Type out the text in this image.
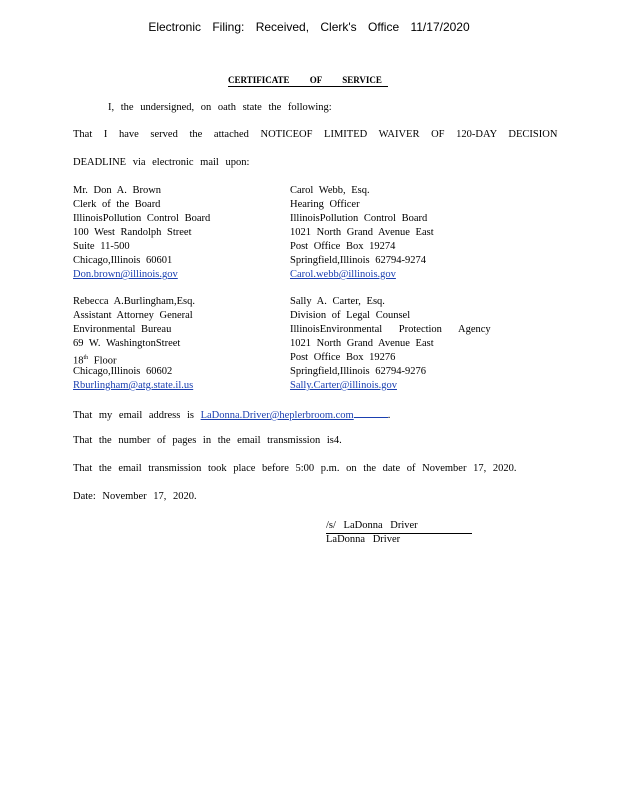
Electronic Filing: Received, Clerk's Office 11/17/2020
CERTIFICATE OF SERVICE
I, the undersigned, on oath state the following:
That I have served the attached NOTICEOF LIMITED WAIVER OF 120-DAY DECISION
DEADLINE via electronic mail upon:
Mr. Don A. Brown
Clerk of the Board
IllinoisPollution Control Board
100 West Randolph Street
Suite 11-500
Chicago,Illinois 60601
Don.brown@illinois.gov
Carol Webb, Esq.
Hearing Officer
IllinoisPollution Control Board
1021 North Grand Avenue East
Post Office Box 19274
Springfield,Illinois 62794-9274
Carol.webb@illinois.gov
Rebecca A.Burlingham,Esq.
Assistant Attorney General
Environmental Bureau
69 W. WashingtonStreet
18th Floor
Chicago,Illinois 60602
Rburlingham@atg.state.il.us
Sally A. Carter, Esq.
Division of Legal Counsel
IllinoisEnvironmental Protection Agency
1021 North Grand Avenue East
Post Office Box 19276
Springfield,Illinois 62794-9276
Sally.Carter@illinois.gov
That my email address is LaDonna.Driver@heplerbroom.com	.
That the number of pages in the email transmission is4.
That the email transmission took place before 5:00 p.m. on the date of November 17, 2020.
Date: November 17, 2020.
/s/ LaDonna Driver
LaDonna Driver
